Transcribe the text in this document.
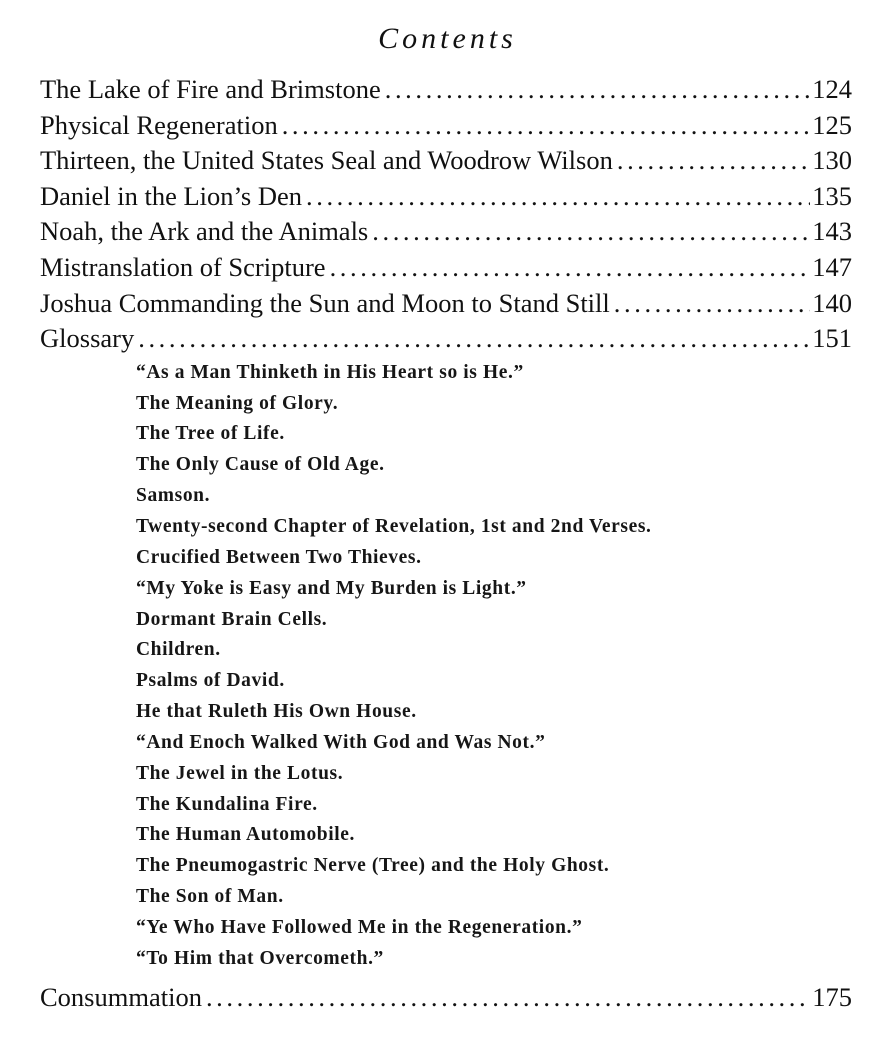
Contents
The Lake of Fire and Brimstone .....	124
Physical Regeneration .....	125
Thirteen, the United States Seal and Woodrow Wilson .....	130
Daniel in the Lion’s Den .....	135
Noah, the Ark and the Animals .....	143
Mistranslation of Scripture .....	147
Joshua Commanding the Sun and Moon to Stand Still .....	140
Glossary .....	151
“As a Man Thinketh in His Heart so is He.”
The Meaning of Glory.
The Tree of Life.
The Only Cause of Old Age.
Samson.
Twenty-second Chapter of Revelation, 1st and 2nd Verses.
Crucified Between Two Thieves.
“My Yoke is Easy and My Burden is Light.”
Dormant Brain Cells.
Children.
Psalms of David.
He that Ruleth His Own House.
“And Enoch Walked With God and Was Not.”
The Jewel in the Lotus.
The Kundalina Fire.
The Human Automobile.
The Pneumogastric Nerve (Tree) and the Holy Ghost.
The Son of Man.
“Ye Who Have Followed Me in the Regeneration.”
“To Him that Overcometh.”
Consummation .....	175
